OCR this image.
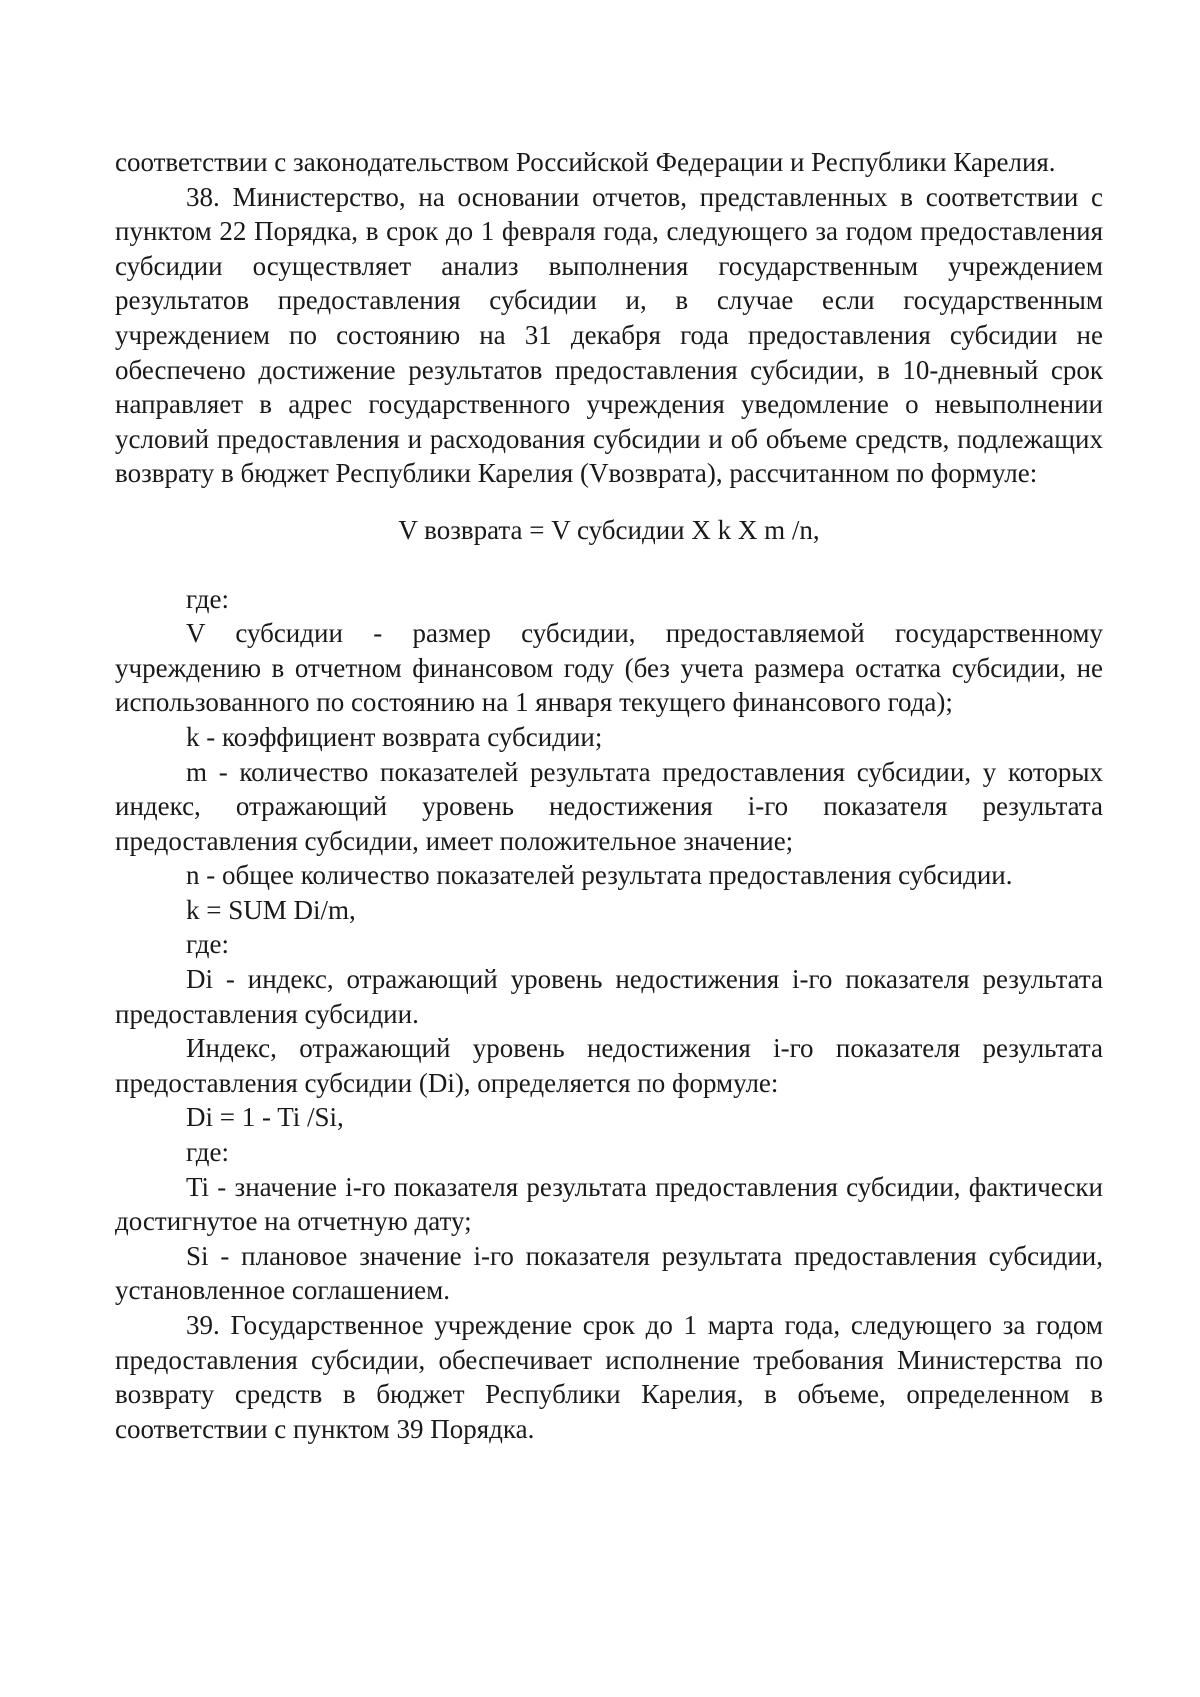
соответствии с законодательством Российской Федерации и Республики Карелия.

38. Министерство, на основании отчетов, представленных в соответствии с пунктом 22 Порядка, в срок до 1 февраля года, следующего за годом предоставления субсидии осуществляет анализ выполнения государственным учреждением результатов предоставления субсидии и, в случае если государственным учреждением по состоянию на 31 декабря года предоставления субсидии не обеспечено достижение результатов предоставления субсидии, в 10-дневный срок направляет в адрес государственного учреждения уведомление о невыполнении условий предоставления и расходования субсидии и об объеме средств, подлежащих возврату в бюджет Республики Карелия (Vвозврата), рассчитанном по формуле:

V возврата = V субсидии X k X m /n,

где:

V субсидии - размер субсидии, предоставляемой государственному учреждению в отчетном финансовом году (без учета размера остатка субсидии, не использованного по состоянию на 1 января текущего финансового года);

k - коэффициент возврата субсидии;

m - количество показателей результата предоставления субсидии, у которых индекс, отражающий уровень недостижения i-го показателя результата предоставления субсидии, имеет положительное значение;

n - общее количество показателей результата предоставления субсидии.

k = SUM Di/m,

где:

Di - индекс, отражающий уровень недостижения i-го показателя результата предоставления субсидии.

Индекс, отражающий уровень недостижения i-го показателя результата предоставления субсидии (Di), определяется по формуле:

Di = 1 - Ti /Si,

где:

Ti - значение i-го показателя результата предоставления субсидии, фактически достигнутое на отчетную дату;

Si - плановое значение i-го показателя результата предоставления субсидии, установленное соглашением.

39. Государственное учреждение срок до 1 марта года, следующего за годом предоставления субсидии, обеспечивает исполнение требования Министерства по возврату средств в бюджет Республики Карелия, в объеме, определенном в соответствии с пунктом 39 Порядка.
